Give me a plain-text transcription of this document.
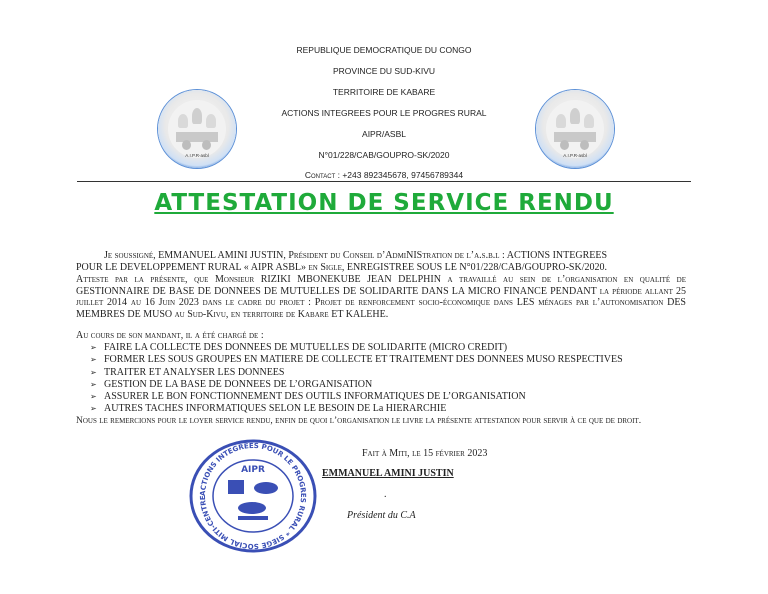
REPUBLIQUE DEMOCRATIQUE DU CONGO
PROVINCE DU SUD-KIVU
TERRITOIRE DE KABARE
ACTIONS INTEGREES POUR LE PROGRES RURAL
AIPR/ASBL
N°01/228/CAB/GOUPRO-SK/2020
Contact : +243 892345678, 97456789344
A.I.P.R-asbl	A.I.P.R-asbl
ATTESTATION DE SERVICE RENDU
Je soussigné, EMMANUEL AMINI JUSTIN, Président du Conseil d’AdmiNIStration de l’a.s.b.l : ACTIONS INTEGREES
POUR LE DEVELOPPEMENT RURAL « AIPR ASBL» en Sigle, ENREGISTREE SOUS LE N°01/228/CAB/GOUPRO-SK/2020.
Atteste par la présente, que Monsieur RIZIKI MBONEKUBE JEAN DELPHIN a travaillé au sein de l’organisation en qualité de GESTIONNAIRE DE BASE DE DONNEES DE MUTUELLES DE SOLIDARITE DANS LA MICRO FINANCE PENDANT la période allant 25 juillet 2014 au 16 Juin 2023 dans le cadre du projet : Projet de renforcement socio-économique dans LES ménages par l’autonomisation DES MEMBRES DE MUSO au Sud-Kivu, en territoire de Kabare ET KALEHE.
Au cours de son mandant, il a été chargé de :
➢ FAIRE LA COLLECTE DES DONNEES DE MUTUELLES DE SOLIDARITE (MICRO CREDIT)
➢ FORMER LES SOUS GROUPES EN MATIERE DE COLLECTE ET TRAITEMENT DES DONNEES MUSO RESPECTIVES
➢ TRAITER ET ANALYSER LES DONNEES
➢ GESTION DE LA BASE DE DONNEES DE L’ORGANISATION
➢ ASSURER LE BON FONCTIONNEMENT DES OUTILS INFORMATIQUES DE L’ORGANISATION
➢ AUTRES TACHES INFORMATIQUES SELON LE BESOIN DE La HIERARCHIE
Nous le remercions pour le loyer service rendu, enfin de quoi l’organisation le livre la présente attestation pour servir à ce que de droit.
Fait à Miti, le 15 février 2023
EMMANUEL AMINI JUSTIN
.
Président du C.A
ACTIONS INTEGREES POUR LE PROGRES RURAL * SIEGE SOCIAL MITI-CENTRE
AIPR
